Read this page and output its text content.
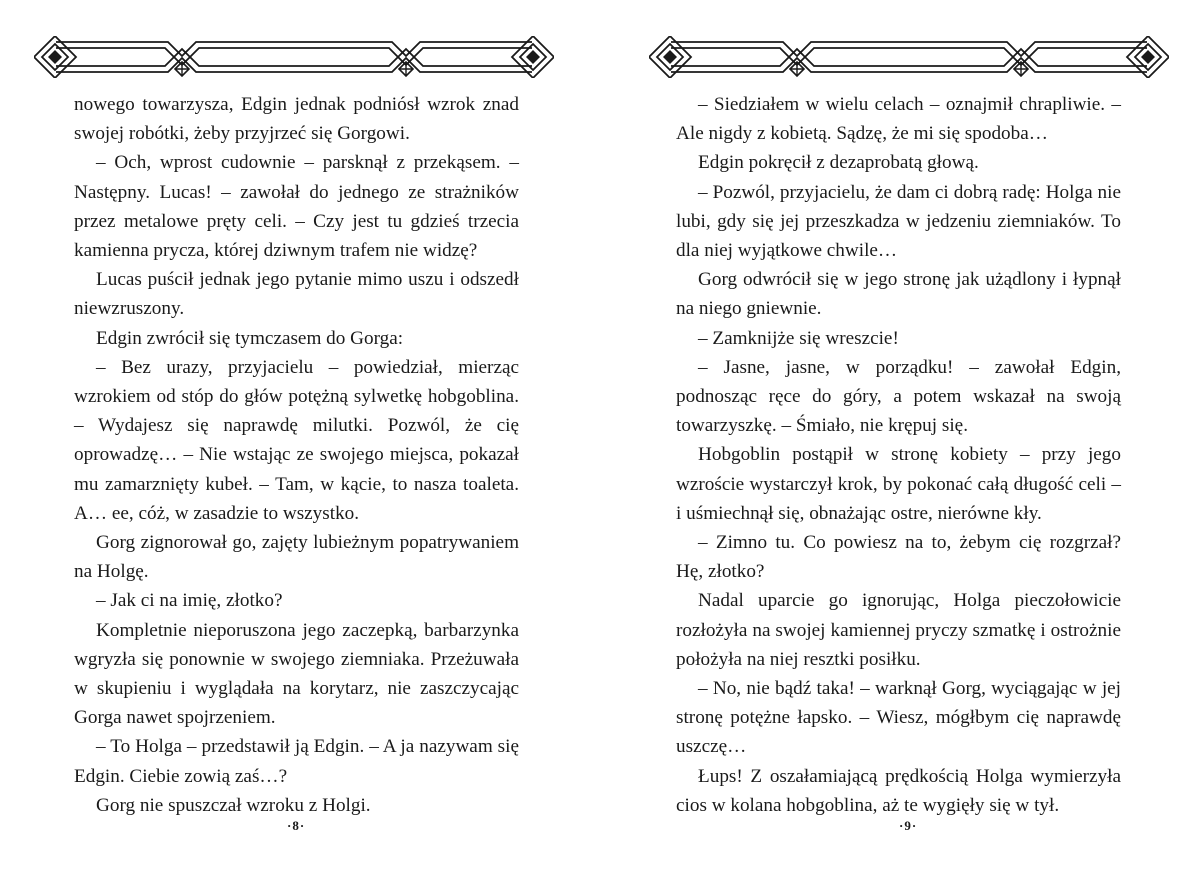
nowego towarzysza, Edgin jednak podniósł wzrok znad swojej robótki, żeby przyjrzeć się Gorgowi.

– Och, wprost cudownie – parsknął z przekąsem. – Następny. Lucas! – zawołał do jednego ze strażników przez metalowe pręty celi. – Czy jest tu gdzieś trzecia kamienna prycza, której dziwnym trafem nie widzę?

Lucas puścił jednak jego pytanie mimo uszu i odszedł niewzruszony.

Edgin zwrócił się tymczasem do Gorga:

– Bez urazy, przyjacielu – powiedział, mierząc wzrokiem od stóp do głów potężną sylwetkę hobgoblina. – Wydajesz się naprawdę milutki. Pozwól, że cię oprowadzę… – Nie wstając ze swojego miejsca, pokazał mu zamarznięty kubeł. – Tam, w kącie, to nasza toaleta. A… ee, cóż, w zasadzie to wszystko.

Gorg zignorował go, zajęty lubieżnym popatrywaniem na Holgę.

– Jak ci na imię, złotko?

Kompletnie nieporuszona jego zaczepką, barbarzynka wgryzła się ponownie w swojego ziemniaka. Przeżuwała w skupieniu i wyglądała na korytarz, nie zaszczycając Gorga nawet spojrzeniem.

– To Holga – przedstawił ją Edgin. – A ja nazywam się Edgin. Ciebie zowią zaś…?

Gorg nie spuszczał wzroku z Holgi.

·8·

– Siedziałem w wielu celach – oznajmił chrapliwie. – Ale nigdy z kobietą. Sądzę, że mi się spodoba…

Edgin pokręcił z dezaprobatą głową.

– Pozwól, przyjacielu, że dam ci dobrą radę: Holga nie lubi, gdy się jej przeszkadza w jedzeniu ziemniaków. To dla niej wyjątkowe chwile…

Gorg odwrócił się w jego stronę jak użądlony i łypnął na niego gniewnie.

– Zamknijże się wreszcie!

– Jasne, jasne, w porządku! – zawołał Edgin, podnosząc ręce do góry, a potem wskazał na swoją towarzyszkę. – Śmiało, nie krępuj się.

Hobgoblin postąpił w stronę kobiety – przy jego wzroście wystarczył krok, by pokonać całą długość celi – i uśmiechnął się, obnażając ostre, nierówne kły.

– Zimno tu. Co powiesz na to, żebym cię rozgrzał? Hę, złotko?

Nadal uparcie go ignorując, Holga pieczołowicie rozłożyła na swojej kamiennej pryczy szmatkę i ostrożnie położyła na niej resztki posiłku.

– No, nie bądź taka! – warknął Gorg, wyciągając w jej stronę potężne łapsko. – Wiesz, mógłbym cię naprawdę uszczę…

Łups! Z oszałamiającą prędkością Holga wymierzyła cios w kolana hobgoblina, aż te wygięły się w tył.

·9·
